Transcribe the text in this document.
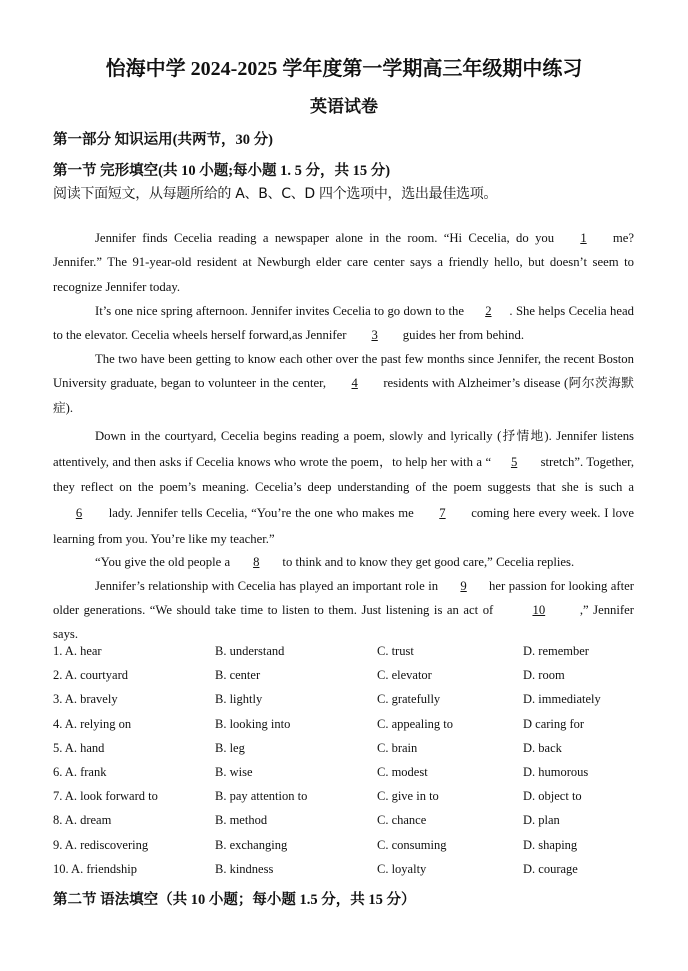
怡海中学 2024-2025 学年度第一学期高三年级期中练习
英语试卷
第一部分 知识运用(共两节，30 分)
第一节 完形填空(共 10 小题;每小题 1. 5 分，共 15 分)
阅读下面短文，从每题所给的 A、B、C、D 四个选项中，选出最佳选项。

Jennifer finds Cecelia reading a newspaper alone in the room. “Hi Cecelia, do you 1 me? Jennifer.” The 91-year-old resident at Newburgh elder care center says a friendly hello, but doesn’t seem to recognize Jennifer today.

It’s one nice spring afternoon. Jennifer invites Cecelia to go down to the 2 . She helps Cecelia head to the elevator. Cecelia wheels herself forward,as Jennifer 3 guides her from behind.

The two have been getting to know each other over the past few months since Jennifer, the recent Boston University graduate, began to volunteer in the center, 4 residents with Alzheimer’s disease (阿尔茨海默症).

Down in the courtyard, Cecelia begins reading a poem, slowly and lyrically (抒情地). Jennifer listens attentively, and then asks if Cecelia knows who wrote the poem，to help her with a “ 5 stretch”. Together, they reflect on the poem’s meaning. Cecelia’s deep understanding of the poem suggests that she is such a 6 lady. Jennifer tells Cecelia, “You’re the one who makes me 7 coming here every week. I love learning from you. You’re like my teacher.”

“You give the old people a 8 to think and to know they get good care,” Cecelia replies.

Jennifer’s relationship with Cecelia has played an important role in 9 her passion for looking after older generations. “We should take time to listen to them. Just listening is an act of	10	,” Jennifer says.

1. A. hear	B. understand	C. trust	D. remember
2. A. courtyard	B. center	C. elevator	D. room
3. A. bravely	B. lightly	C. gratefully	D. immediately
4. A. relying on	B. looking into	C. appealing to	D caring for
5. A. hand	B. leg	C. brain	D. back
6. A. frank	B. wise	C. modest	D. humorous
7. A. look forward to	B. pay attention to	C. give in to	D. object to
8. A. dream	B. method	C. chance	D. plan
9. A. rediscovering	B. exchanging	C. consuming	D. shaping
10. A. friendship	B. kindness	C. loyalty	D. courage
第二节 语法填空（共 10 小题；每小题 1.5 分，共 15 分）
